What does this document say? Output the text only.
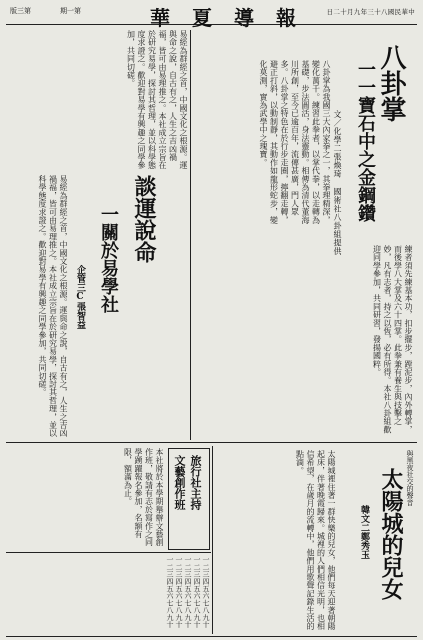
版三第	期一第	華夏導報 日二十月九年三十八國民華中
八卦掌
一一寶石中之金鋼鑽
文／化學二張煥琦 國術社八卦組提供
八卦掌為我國三大內家拳之一，其拳理精深，變化萬千。練習此拳者，以掌代拳，以走轉為基礎，步法圓活，身法靈動。相傳為清代董海川所創，至今已逾百年，流傳甚廣，門人眾多。八卦掌之特色在於行步走圈，擰翻走轉，避正打斜，以動制靜，其動作如龍形蛇步，變化莫測，實為武學中之瑰寶。
練者須先練基本功，扣步擺步，蹚泥步，內外轉掌，而後學八大掌及六十四掌。此拳兼有養生與技擊之妙，凡有志者，持之以恆，必有所得。本社八卦組歡迎同學參加，共同研習，發揚國粹。
易經為群經之首，中國文化之根源。運與命之說，自古有之，人生之吉凶禍福，皆可由易理推之。本社成立宗旨在於研究易學，探討其哲理，並以科學態度求證之。歡迎對易學有興趣之同學參加，共同切磋。
談運說命
一關於易學社
企管三C張智益
易經為群經之首，中國文化之根源。運與命之說，自古有之，人生之吉凶禍福，皆可由易理推之。本社成立宗旨在於研究易學，探討其哲理，並以科學態度求證之。歡迎對易學有興趣之同學參加，共同切磋。
旅行社主持
文藝創作班
本社將於本學期舉辦文藝創作班，敬請有志於寫作之同學踴躍報名參加，名額有限，額滿為止。
一二三四五六七八九十一二三四五六七八九十 一二三四五六七八九十一二三四五六七八九十 一二三四五六七八九十
與黑夜社交的聲音
太陽城的兒女
韓文二鄭秀玉
太陽城裡住著一群快樂的兒女，他們每天迎著朝陽起床，伴著晚霞歸來。城裡的人們相信光明，也相信希望，在歲月的流轉中，他們用歌聲記錄生活的點滴。
